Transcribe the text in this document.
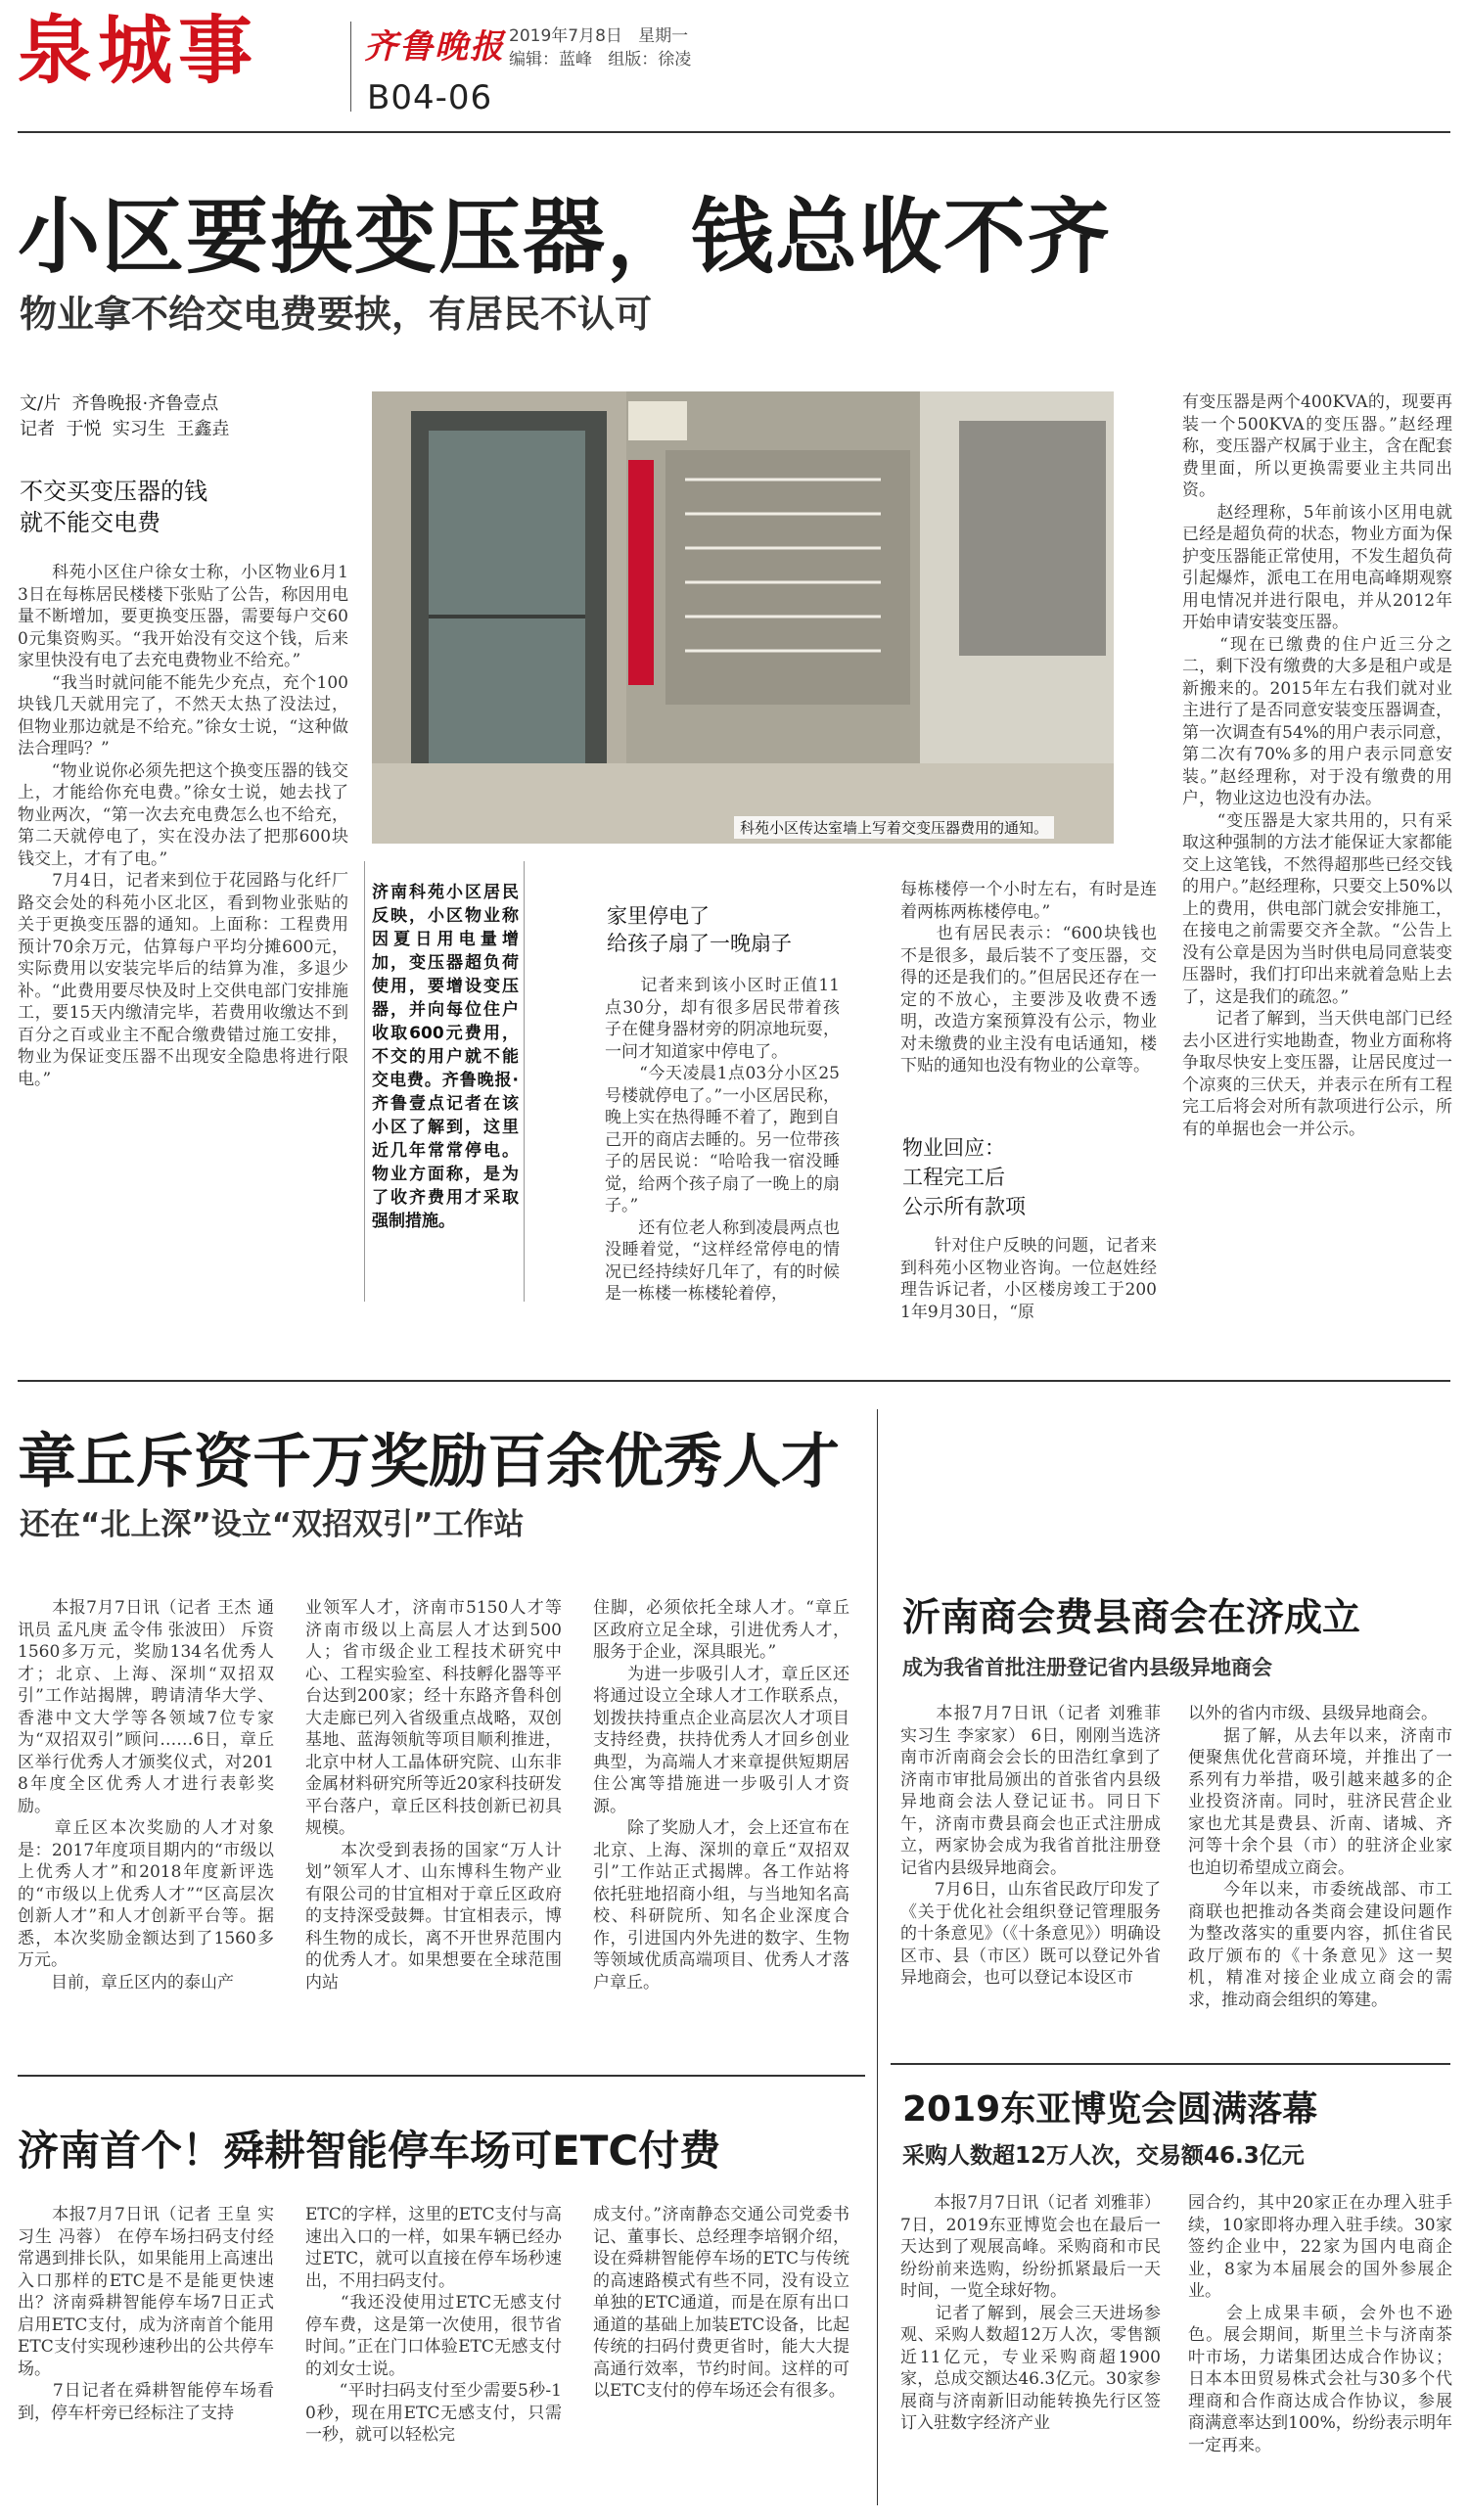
泉城事	齐鲁晚报 2019年7月8日   星期一
编辑：蓝峰   组版：徐凌
B04-06
小区要换变压器，钱总收不齐
物业拿不给交电费要挟，有居民不认可
文/片  齐鲁晚报·齐鲁壹点
记者  于悦  实习生  王鑫垚
不交买变压器的钱
就不能交电费
　　科苑小区住户徐女士称，小区物业6月13日在每栋居民楼楼下张贴了公告，称因用电量不断增加，要更换变压器，需要每户交600元集资购买。“我开始没有交这个钱，后来家里快没有电了去充电费物业不给充。”
　　“我当时就问能不能先少充点，充个100块钱几天就用完了，不然天太热了没法过，但物业那边就是不给充。”徐女士说，“这种做法合理吗？”
　　“物业说你必须先把这个换变压器的钱交上，才能给你充电费。”徐女士说，她去找了物业两次，“第一次去充电费怎么也不给充，第二天就停电了，实在没办法了把那600块钱交上，才有了电。”
　　7月4日，记者来到位于花园路与化纤厂路交会处的科苑小区北区，看到物业张贴的关于更换变压器的通知。上面称：工程费用预计70余万元，估算每户平均分摊600元，实际费用以安装完毕后的结算为准，多退少补。“此费用要尽快及时上交供电部门安排施工，要15天内缴清完毕，若费用收缴达不到百分之百或业主不配合缴费错过施工安排，物业为保证变压器不出现安全隐患将进行限电。”
科苑小区传达室墙上写着交变压器费用的通知。
济南科苑小区居民反映，小区物业称因夏日用电量增加，变压器超负荷使用，要增设变压器，并向每位住户收取600元费用，不交的用户就不能交电费。齐鲁晚报·齐鲁壹点记者在该小区了解到，这里近几年常常停电。物业方面称，是为了收齐费用才采取强制措施。
家里停电了
给孩子扇了一晚扇子
　　记者来到该小区时正值11点30分，却有很多居民带着孩子在健身器材旁的阴凉地玩耍，一问才知道家中停电了。
　　“今天凌晨1点03分小区25号楼就停电了。”一小区居民称，晚上实在热得睡不着了，跑到自己开的商店去睡的。另一位带孩子的居民说：“哈哈我一宿没睡觉，给两个孩子扇了一晚上的扇子。”
　　还有位老人称到凌晨两点也没睡着觉，“这样经常停电的情况已经持续好几年了，有的时候是一栋楼一栋楼轮着停，
每栋楼停一个小时左右，有时是连着两栋两栋楼停电。”
　　也有居民表示：“600块钱也不是很多，最后装不了变压器，交得的还是我们的。”但居民还存在一定的不放心，主要涉及收费不透明，改造方案预算没有公示，物业对未缴费的业主没有电话通知，楼下贴的通知也没有物业的公章等。
物业回应：
工程完工后
公示所有款项
　　针对住户反映的问题，记者来到科苑小区物业咨询。一位赵姓经理告诉记者，小区楼房竣工于2001年9月30日，“原
有变压器是两个400KVA的，现要再装一个500KVA的变压器。”赵经理称，变压器产权属于业主，含在配套费里面，所以更换需要业主共同出资。
　　赵经理称，5年前该小区用电就已经是超负荷的状态，物业方面为保护变压器能正常使用，不发生超负荷引起爆炸，派电工在用电高峰期观察用电情况并进行限电，并从2012年开始申请安装变压器。
　　“现在已缴费的住户近三分之二，剩下没有缴费的大多是租户或是新搬来的。2015年左右我们就对业主进行了是否同意安装变压器调查，第一次调查有54%的用户表示同意，第二次有70%多的用户表示同意安装。”赵经理称，对于没有缴费的用户，物业这边也没有办法。
　　“变压器是大家共用的，只有采取这种强制的方法才能保证大家都能交上这笔钱，不然得超那些已经交钱的用户。”赵经理称，只要交上50%以上的费用，供电部门就会安排施工，在接电之前需要交齐全款。“公告上没有公章是因为当时供电局同意装变压器时，我们打印出来就着急贴上去了，这是我们的疏忽。”
　　记者了解到，当天供电部门已经去小区进行实地勘查，物业方面称将争取尽快安上变压器，让居民度过一个凉爽的三伏天，并表示在所有工程完工后将会对所有款项进行公示，所有的单据也会一并公示。
章丘斥资千万奖励百余优秀人才
还在“北上深”设立“双招双引”工作站
　　本报7月7日讯（记者 王杰 通讯员 孟凡庚 孟令伟 张波田） 斥资1560多万元，奖励134名优秀人才；北京、上海、深圳“双招双引”工作站揭牌，聘请清华大学、香港中文大学等各领域7位专家为“双招双引”顾问……6日，章丘区举行优秀人才颁奖仪式，对2018年度全区优秀人才进行表彰奖励。
　　章丘区本次奖励的人才对象是：2017年度项目期内的“市级以上优秀人才”和2018年度新评选的“市级以上优秀人才”“区高层次创新人才”和人才创新平台等。据悉，本次奖励金额达到了1560多万元。
　　目前，章丘区内的泰山产
业领军人才，济南市5150人才等济南市级以上高层人才达到500人；省市级企业工程技术研究中心、工程实验室、科技孵化器等平台达到200家；经十东路齐鲁科创大走廊已列入省级重点战略，双创基地、蓝海领航等项目顺利推进，北京中材人工晶体研究院、山东非金属材料研究所等近20家科技研发平台落户，章丘区科技创新已初具规模。
　　本次受到表扬的国家“万人计划”领军人才、山东博科生物产业有限公司的甘宜相对于章丘区政府的支持深受鼓舞。甘宜相表示，博科生物的成长，离不开世界范围内的优秀人才。如果想要在全球范围内站
住脚，必须依托全球人才。“章丘区政府立足全球，引进优秀人才，服务于企业，深具眼光。”
　　为进一步吸引人才，章丘区还将通过设立全球人才工作联系点，划拨扶持重点企业高层次人才项目支持经费，扶持优秀人才回乡创业典型，为高端人才来章提供短期居住公寓等措施进一步吸引人才资源。
　　除了奖励人才，会上还宣布在北京、上海、深圳的章丘“双招双引”工作站正式揭牌。各工作站将依托驻地招商小组，与当地知名高校、科研院所、知名企业深度合作，引进国内外先进的数字、生物等领域优质高端项目、优秀人才落户章丘。
沂南商会费县商会在济成立
成为我省首批注册登记省内县级异地商会
　　本报7月7日讯（记者 刘雅菲 实习生 李家家） 6日，刚刚当选济南市沂南商会会长的田浩红拿到了济南市审批局颁出的首张省内县级异地商会法人登记证书。同日下午，济南市费县商会也正式注册成立，两家协会成为我省首批注册登记省内县级异地商会。
　　7月6日，山东省民政厅印发了《关于优化社会组织登记管理服务的十条意见》（《十条意见》）明确设区市、县（市区）既可以登记外省异地商会，也可以登记本设区市
以外的省内市级、县级异地商会。
　　据了解，从去年以来，济南市便聚焦优化营商环境，并推出了一系列有力举措，吸引越来越多的企业投资济南。同时，驻济民营企业家也尤其是费县、沂南、诸城、齐河等十余个县（市）的驻济企业家也迫切希望成立商会。
　　今年以来，市委统战部、市工商联也把推动各类商会建设问题作为整改落实的重要内容，抓住省民政厅颁布的《十条意见》这一契机，精准对接企业成立商会的需求，推动商会组织的筹建。
济南首个！舜耕智能停车场可ETC付费
　　本报7月7日讯（记者 王皇 实习生 冯蓉） 在停车场扫码支付经常遇到排长队，如果能用上高速出入口那样的ETC是不是能更快速出？济南舜耕智能停车场7日正式启用ETC支付，成为济南首个能用ETC支付实现秒速秒出的公共停车场。
　　7日记者在舜耕智能停车场看到，停车杆旁已经标注了支持
ETC的字样，这里的ETC支付与高速出入口的一样，如果车辆已经办过ETC，就可以直接在停车场秒速出，不用扫码支付。
　　“我还没使用过ETC无感支付停车费，这是第一次使用，很节省时间。”正在门口体验ETC无感支付的刘女士说。
　　“平时扫码支付至少需要5秒-10秒，现在用ETC无感支付，只需一秒，就可以轻松完
成支付。”济南静态交通公司党委书记、董事长、总经理李培钢介绍，设在舜耕智能停车场的ETC与传统的高速路模式有些不同，没有设立单独的ETC通道，而是在原有出口通道的基础上加装ETC设备，比起传统的扫码付费更省时，能大大提高通行效率，节约时间。这样的可以ETC支付的停车场还会有很多。
2019东亚博览会圆满落幕
采购人数超12万人次，交易额46.3亿元
　　本报7月7日讯（记者 刘雅菲） 7日，2019东亚博览会也在最后一天达到了观展高峰。采购商和市民纷纷前来选购，纷纷抓紧最后一天时间，一览全球好物。
　　记者了解到，展会三天进场参观、采购人数超12万人次，零售额近11亿元，专业采购商超1900家，总成交额达46.3亿元。30家参展商与济南新旧动能转换先行区签订入驻数字经济产业
园合约，其中20家正在办理入驻手续，10家即将办理入驻手续。30家签约企业中，22家为国内电商企业，8家为本届展会的国外参展企业。
　　会上成果丰硕，会外也不逊色。展会期间，斯里兰卡与济南茶叶市场，力诺集团达成合作协议；日本本田贸易株式会社与30多个代理商和合作商达成合作协议，参展商满意率达到100%，纷纷表示明年一定再来。
